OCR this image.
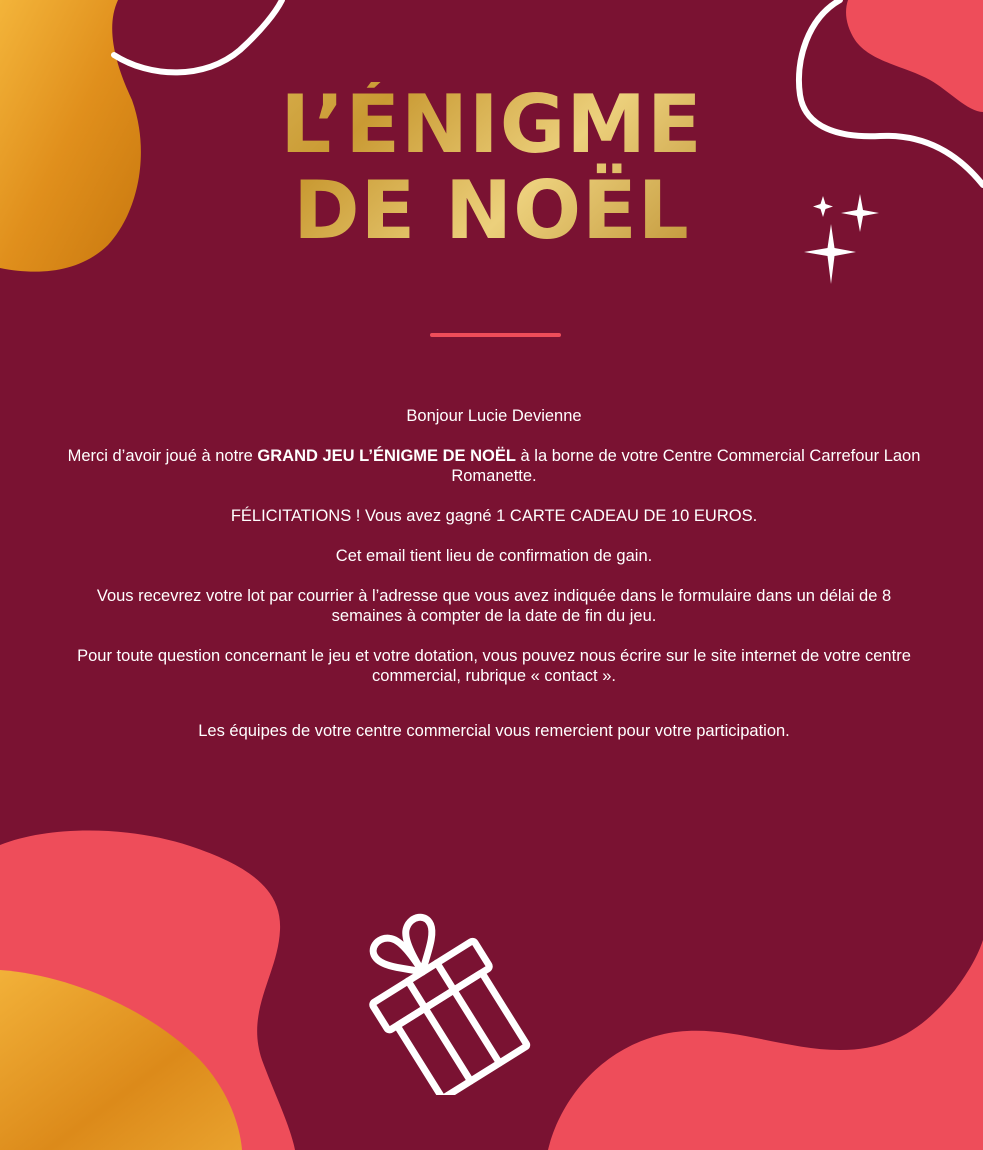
L’ÉNIGME
DE NOËL

Bonjour Lucie Devienne

Merci d’avoir joué à notre GRAND JEU L’ÉNIGME DE NOËL à la borne de votre Centre Commercial Carrefour Laon Romanette.

FÉLICITATIONS ! Vous avez gagné 1 CARTE CADEAU DE 10 EUROS.

Cet email tient lieu de confirmation de gain.

Vous recevrez votre lot par courrier à l’adresse que vous avez indiquée dans le formulaire dans un délai de 8 semaines à compter de la date de fin du jeu.

Pour toute question concernant le jeu et votre dotation, vous pouvez nous écrire sur le site internet de votre centre commercial, rubrique « contact ».

Les équipes de votre centre commercial vous remercient pour votre participation.
